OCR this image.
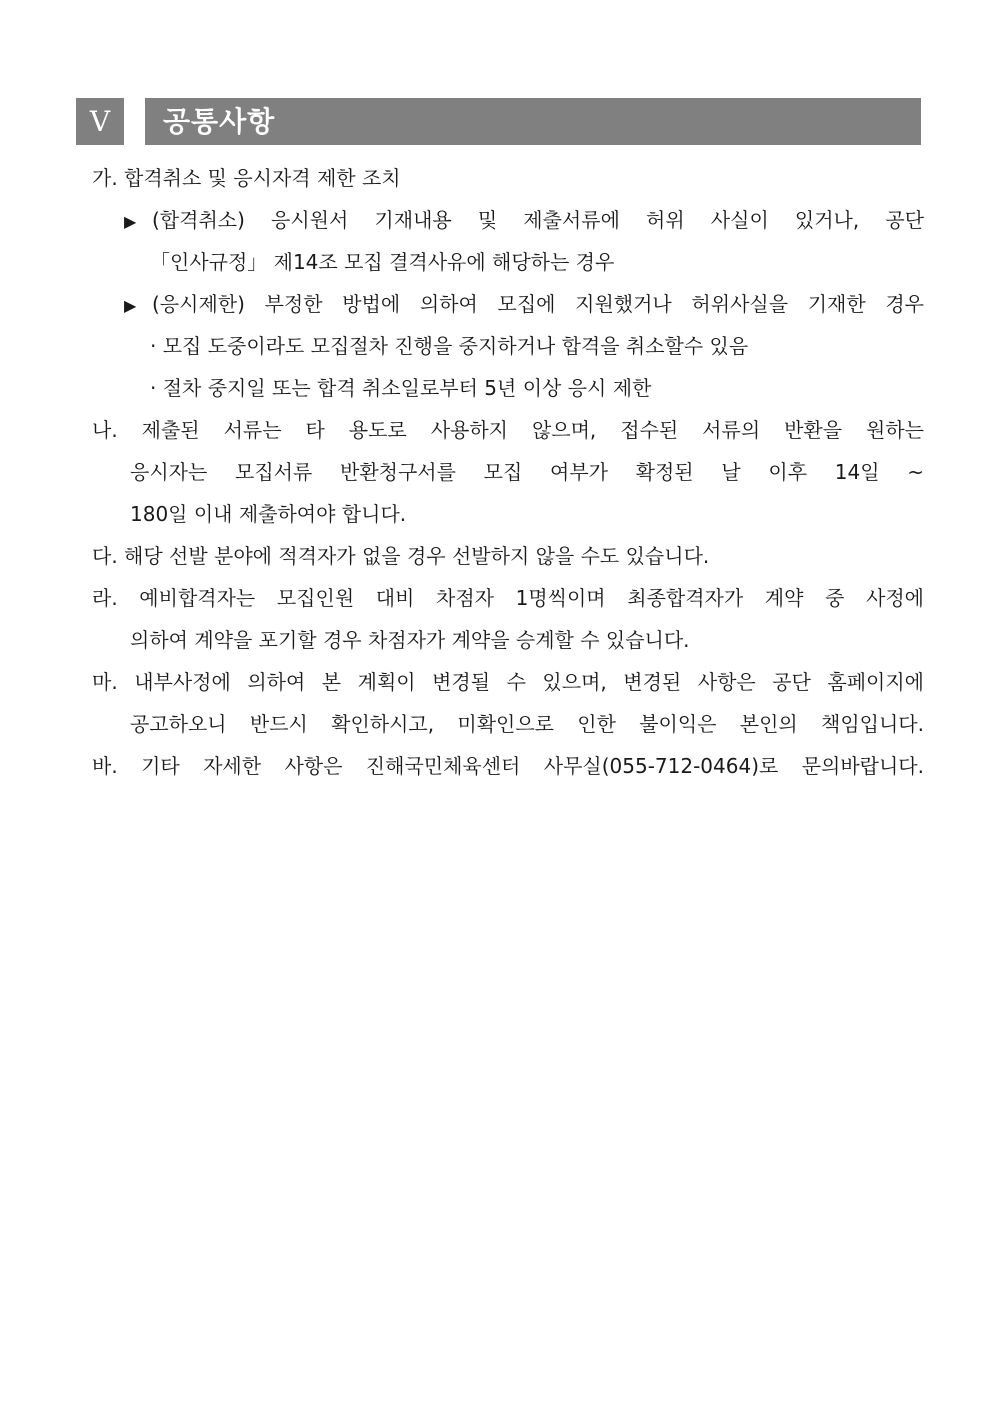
Ⅴ	공통사항
가. 합격취소 및 응시자격 제한 조치
▶ (합격취소) 응시원서 기재내용 및 제출서류에 허위 사실이 있거나, 공단
「인사규정」 제14조 모집 결격사유에 해당하는 경우
▶ (응시제한) 부정한 방법에 의하여 모집에 지원했거나 허위사실을 기재한 경우
· 모집 도중이라도 모집절차 진행을 중지하거나 합격을 취소할수 있음
· 절차 중지일 또는 합격 취소일로부터 5년 이상 응시 제한
나. 제출된 서류는 타 용도로 사용하지 않으며, 접수된 서류의 반환을 원하는
응시자는 모집서류 반환청구서를 모집 여부가 확정된 날 이후 14일 ~
180일 이내 제출하여야 합니다.
다. 해당 선발 분야에 적격자가 없을 경우 선발하지 않을 수도 있습니다.
라. 예비합격자는 모집인원 대비 차점자 1명씩이며 최종합격자가 계약 중 사정에
의하여 계약을 포기할 경우 차점자가 계약을 승계할 수 있습니다.
마. 내부사정에 의하여 본 계획이 변경될 수 있으며, 변경된 사항은 공단 홈페이지에
공고하오니 반드시 확인하시고, 미확인으로 인한 불이익은 본인의 책임입니다.
바. 기타 자세한 사항은 진해국민체육센터 사무실(055-712-0464)로 문의바랍니다.
